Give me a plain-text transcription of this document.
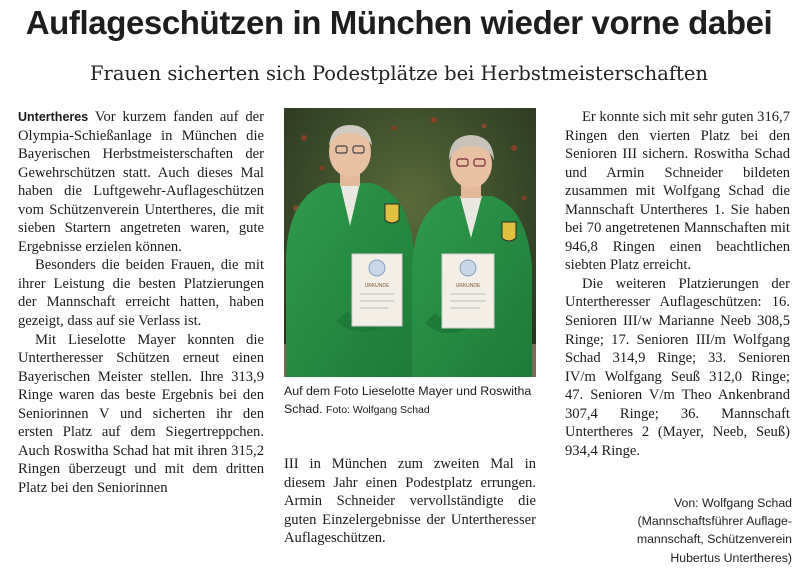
Auflageschützen in München wieder vorne dabei
Frauen sicherten sich Podestplätze bei Herbstmeisterschaften

Untertheres Vor kurzem fanden auf der Olympia-Schießanlage in München die Bayerischen Herbstmeisterschaften der Gewehrschützen statt. Auch dieses Mal haben die Luftgewehr-Auflageschützen vom Schützenverein Untertheres, die mit sieben Startern angetreten waren, gute Ergebnisse erzielen können.

Besonders die beiden Frauen, die mit ihrer Leistung die besten Platzierungen der Mannschaft erreicht hatten, haben gezeigt, dass auf sie Verlass ist.

Mit Lieselotte Mayer konnten die Untertheresser Schützen erneut einen Bayerischen Meister stellen. Ihre 313,9 Ringe waren das beste Ergebnis bei den Seniorinnen V und sicherten ihr den ersten Platz auf dem Siegertreppchen. Auch Roswitha Schad hat mit ihren 315,2 Ringen überzeugt und mit dem dritten Platz bei den Seniorinnen

URKUNDE	URKUNDE
Auf dem Foto Lieselotte Mayer und Roswitha Schad. Foto: Wolfgang Schad

III in München zum zweiten Mal in diesem Jahr einen Podestplatz errungen. Armin Schneider vervollständigte die guten Einzelergebnisse der Untertheresser Auflageschützen.

Er konnte sich mit sehr guten 316,7 Ringen den vierten Platz bei den Senioren III sichern. Roswitha Schad und Armin Schneider bildeten zusammen mit Wolfgang Schad die Mannschaft Untertheres 1. Sie haben bei 70 angetretenen Mannschaften mit 946,8 Ringen einen beachtlichen siebten Platz erreicht.

Die weiteren Platzierungen der Untertheresser Auflageschützen: 16. Senioren III/w Marianne Neeb 308,5 Ringe; 17. Senioren III/m Wolfgang Schad 314,9 Ringe; 33. Senioren IV/m Wolfgang Seuß 312,0 Ringe; 47. Senioren V/m Theo Ankenbrand 307,4 Ringe; 36. Mannschaft Untertheres 2 (Mayer, Neeb, Seuß) 934,4 Ringe.

Von: Wolfgang Schad
(Mannschaftsführer Auflage-
mannschaft, Schützenverein
Hubertus Untertheres)
